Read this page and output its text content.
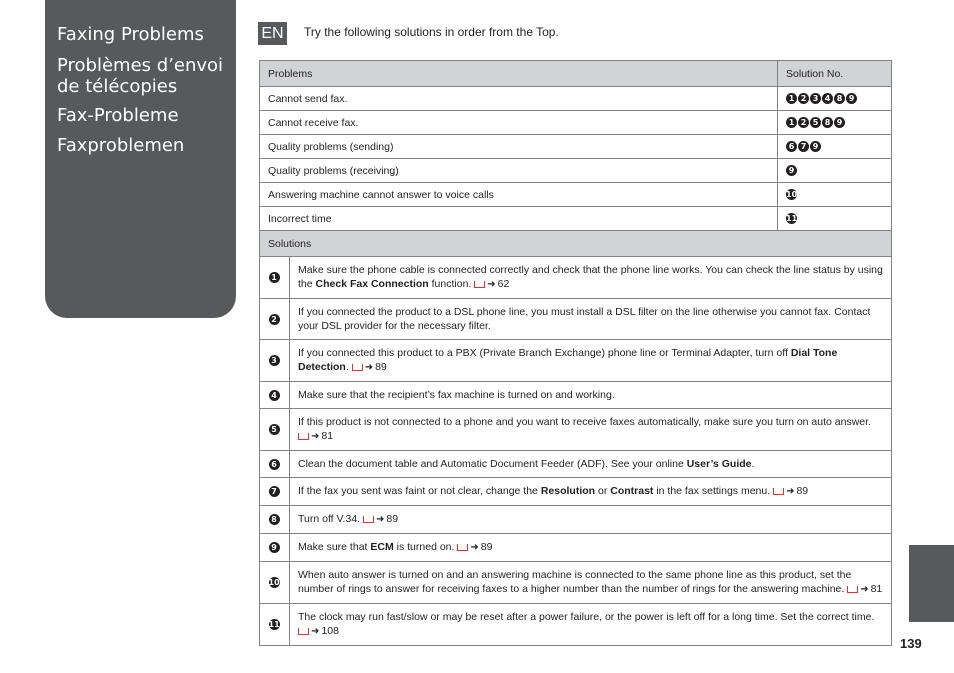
Faxing Problems
Problèmes d’envoi de télécopies
Fax-Probleme
Faxproblemen
EN Try the following solutions in order from the Top.
Problems		Solution No.
Cannot send fax.		1 2 3 4 8 9
Cannot receive fax.		1 2 5 8 9
Quality problems (sending)		6 7 9
Quality problems (receiving)		9
Answering machine cannot answer to voice calls		10
Incorrect time		11
Solutions		
1	Make sure the phone cable is connected correctly and check that the phone line works. You can check the line status by using the Check Fax Connection function. ➜ 62	
2	If you connected the product to a DSL phone line, you must install a DSL filter on the line otherwise you cannot fax. Contact your DSL provider for the necessary filter.	
3	If you connected this product to a PBX (Private Branch Exchange) phone line or Terminal Adapter, turn off Dial Tone Detection. ➜ 89	
4	Make sure that the recipient’s fax machine is turned on and working.	
5	If this product is not connected to a phone and you want to receive faxes automatically, make sure you turn on auto answer. ➜ 81	
6	Clean the document table and Automatic Document Feeder (ADF). See your online User’s Guide.	
7	If the fax you sent was faint or not clear, change the Resolution or Contrast in the fax settings menu. ➜ 89	
8	Turn off V.34. ➜ 89	
9	Make sure that ECM is turned on. ➜ 89	
10	When auto answer is turned on and an answering machine is connected to the same phone line as this product, set the number of rings to answer for receiving faxes to a higher number than the number of rings for the answering machine. ➜ 81	
11	The clock may run fast/slow or may be reset after a power failure, or the power is left off for a long time. Set the correct time. ➜ 108	
139
